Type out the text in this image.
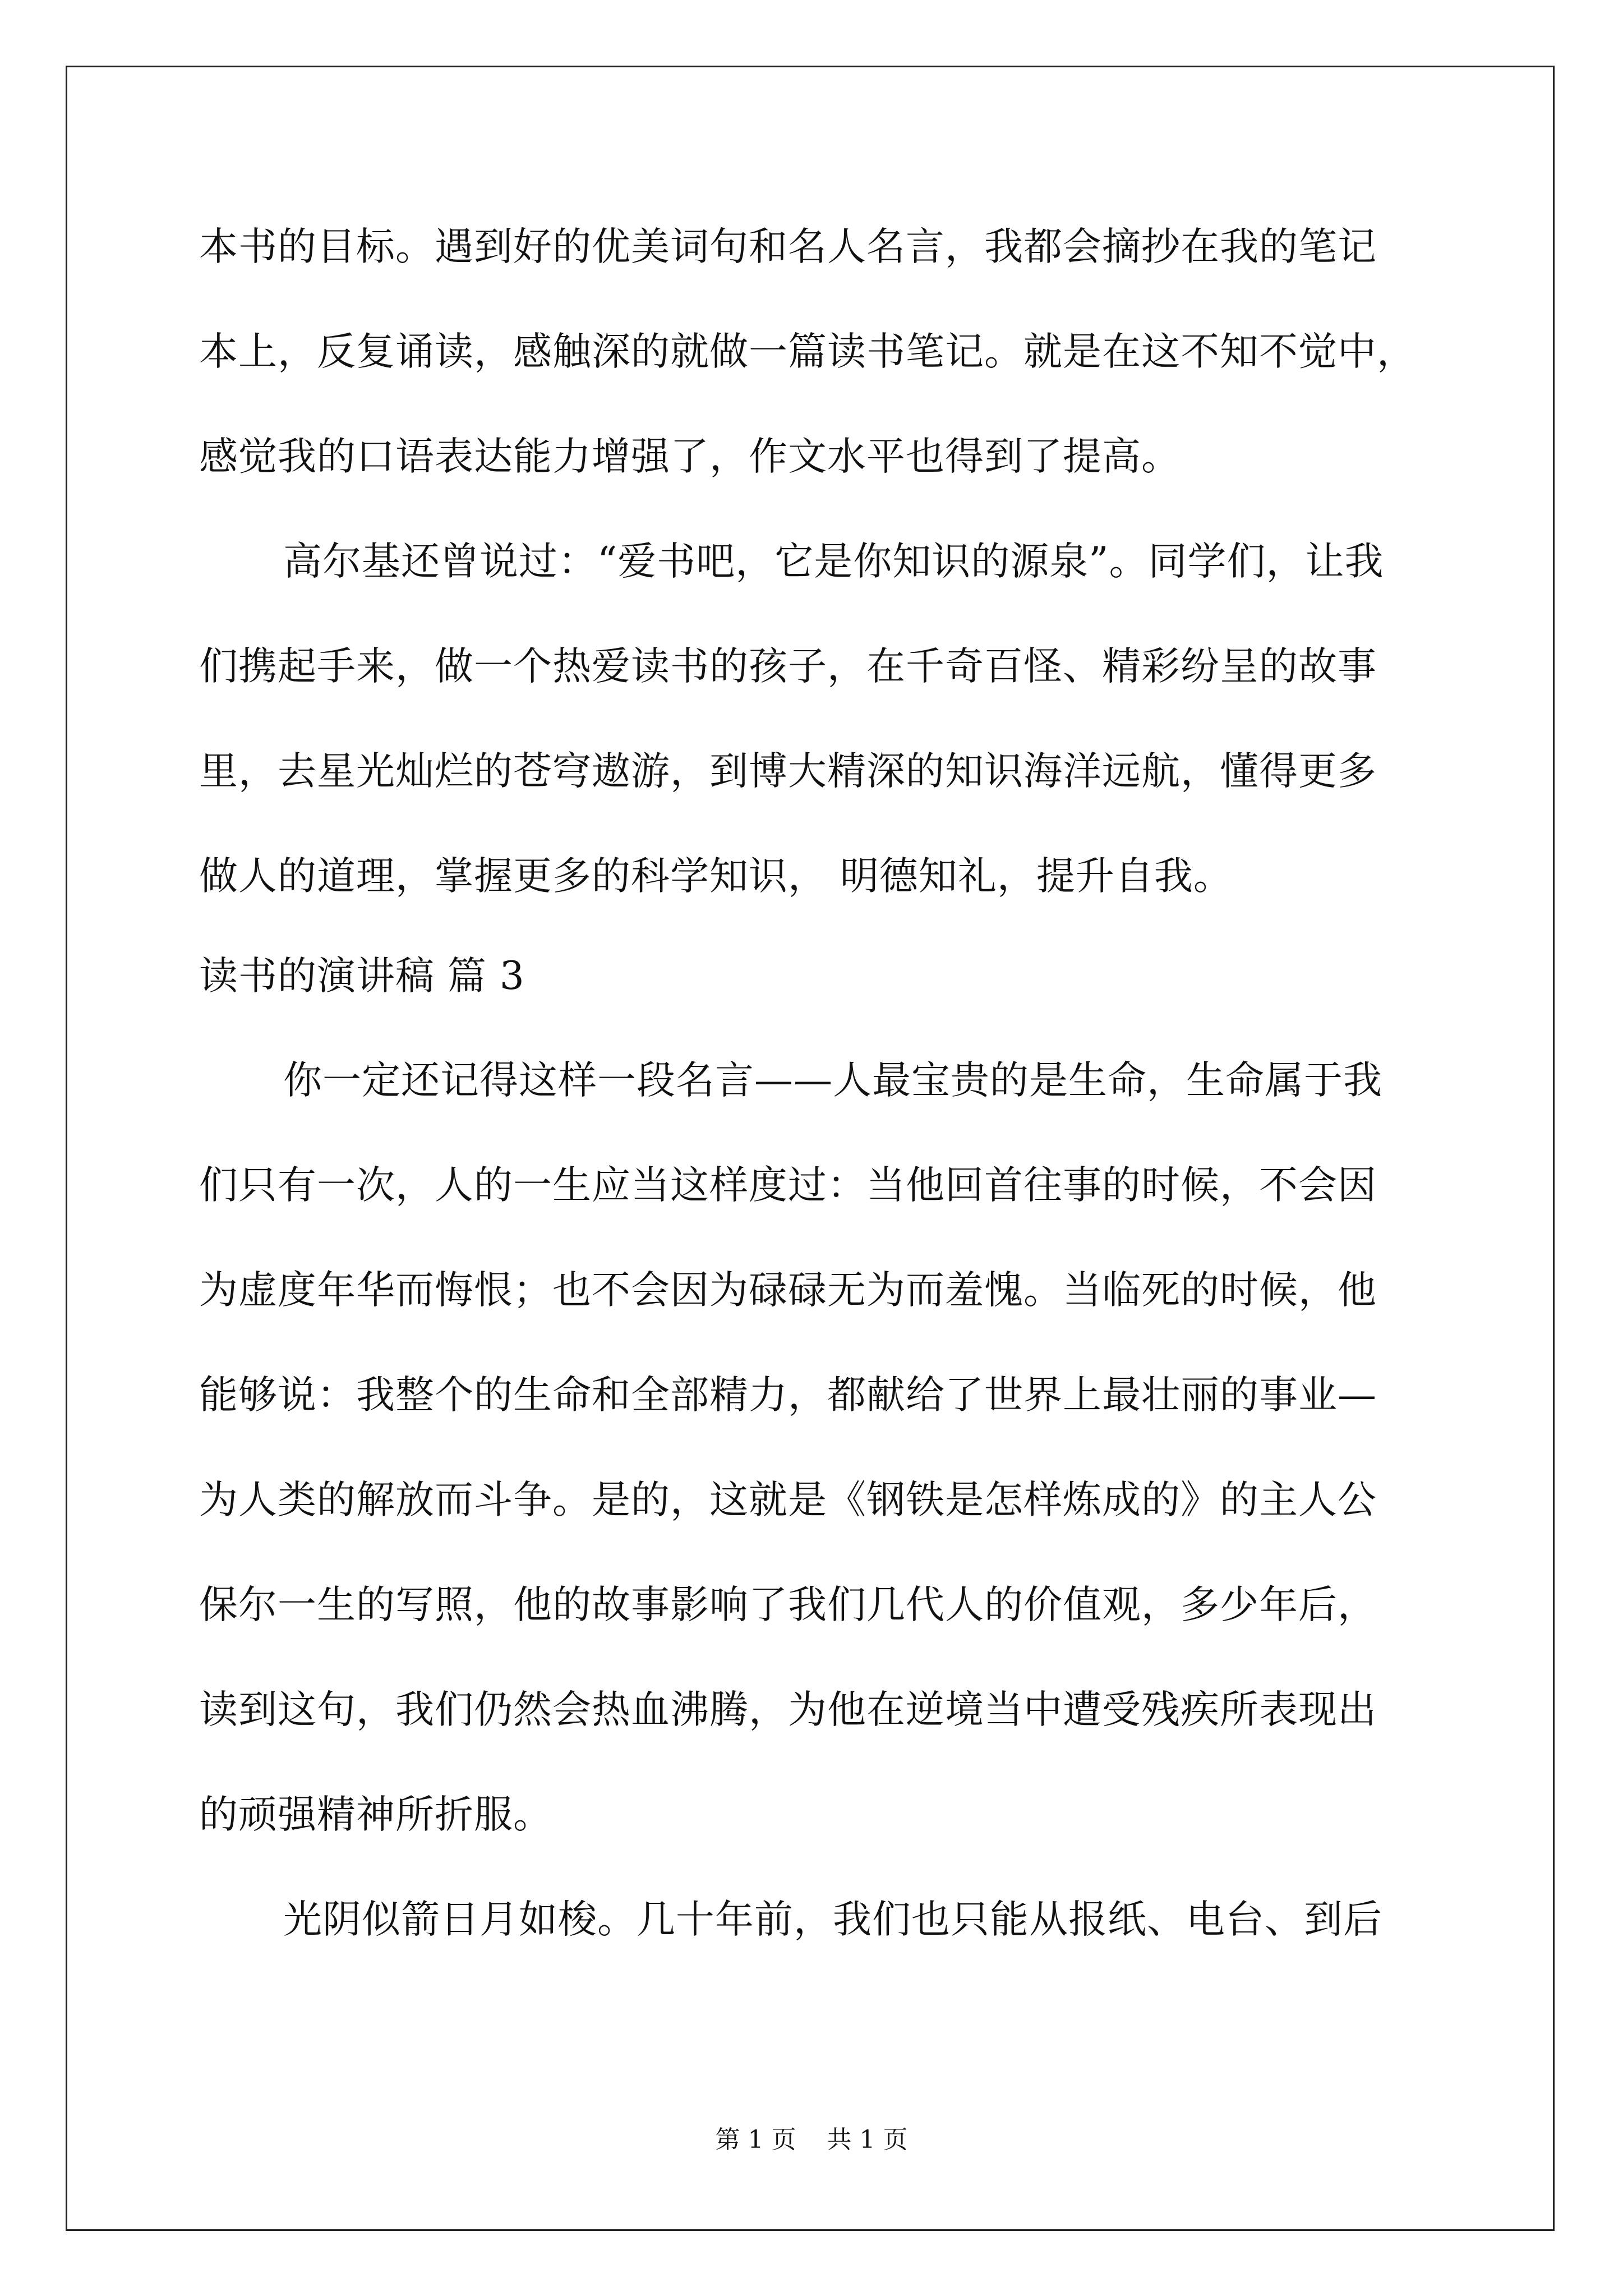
本书的目标。遇到好的优美词句和名人名言，我都会摘抄在我的笔记
本上，反复诵读，感触深的就做一篇读书笔记。就是在这不知不觉中，
感觉我的口语表达能力增强了，作文水平也得到了提高。
高尔基还曾说过：“爱书吧，它是你知识的源泉”。同学们，让我
们携起手来，做一个热爱读书的孩子，在千奇百怪、精彩纷呈的故事
里，去星光灿烂的苍穹遨游，到博大精深的知识海洋远航，懂得更多
做人的道理，掌握更多的科学知识， 明德知礼，提升自我。
读书的演讲稿 篇 3
你一定还记得这样一段名言——人最宝贵的是生命，生命属于我
们只有一次，人的一生应当这样度过：当他回首往事的时候，不会因
为虚度年华而悔恨；也不会因为碌碌无为而羞愧。当临死的时候，他
能够说：我整个的生命和全部精力，都献给了世界上最壮丽的事业—
为人类的解放而斗争。是的，这就是《钢铁是怎样炼成的》的主人公
保尔一生的写照，他的故事影响了我们几代人的价值观，多少年后，
读到这句，我们仍然会热血沸腾，为他在逆境当中遭受残疾所表现出
的顽强精神所折服。
光阴似箭日月如梭。几十年前，我们也只能从报纸、电台、到后
第 1 页 共 1 页
